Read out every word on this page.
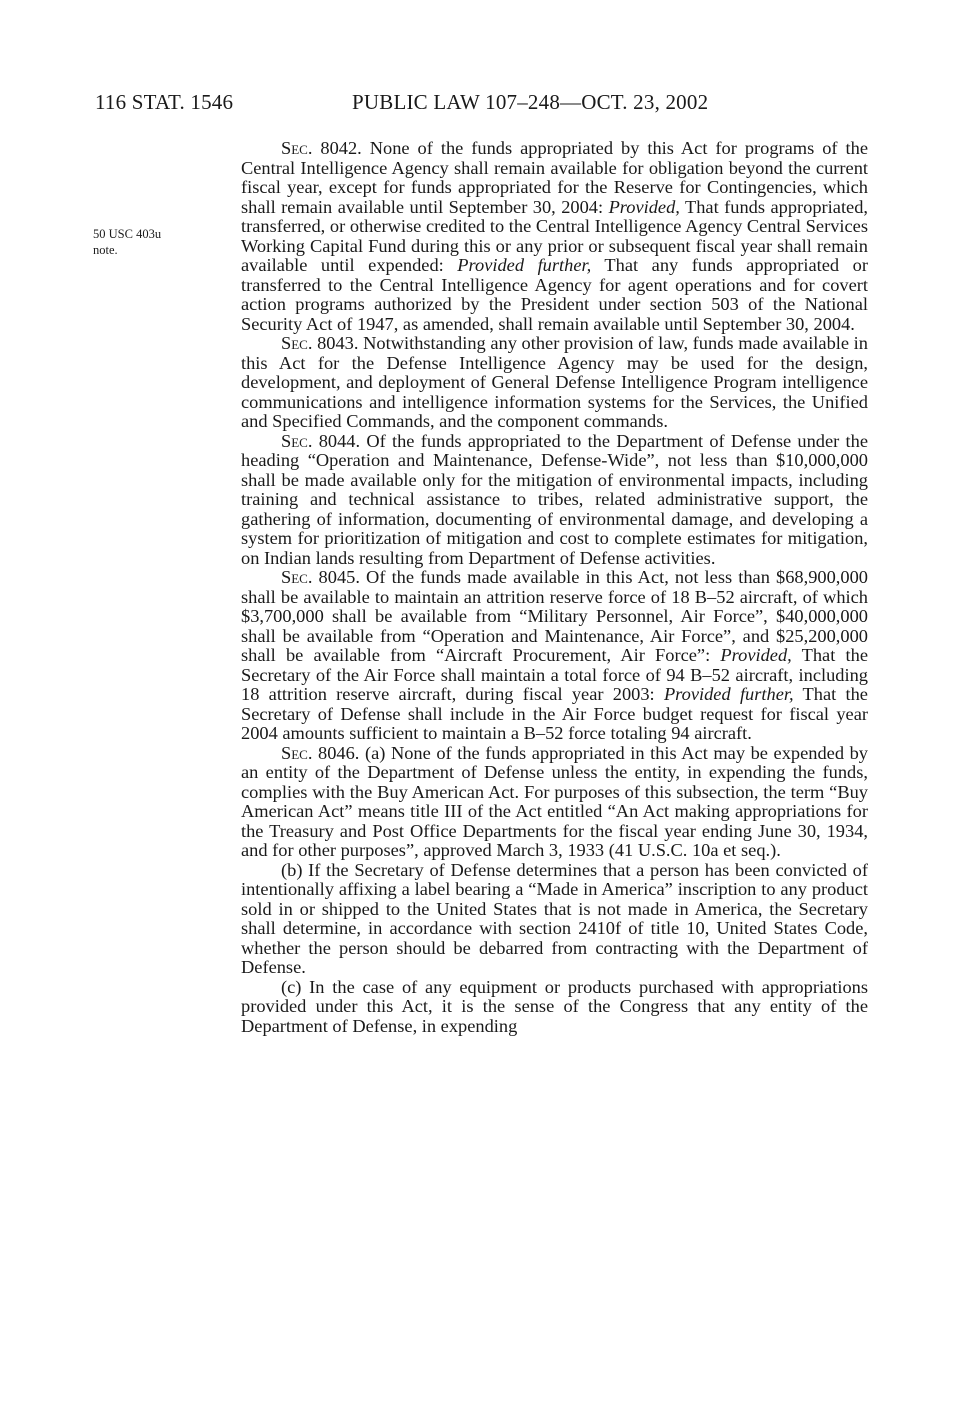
116 STAT. 1546	PUBLIC LAW 107–248—OCT. 23, 2002
50 USC 403u
note.

Sec. 8042. None of the funds appropriated by this Act for programs of the Central Intelligence Agency shall remain available for obligation beyond the current fiscal year, except for funds appropriated for the Reserve for Contingencies, which shall remain available until September 30, 2004: Provided, That funds appropriated, transferred, or otherwise credited to the Central Intelligence Agency Central Services Working Capital Fund during this or any prior or subsequent fiscal year shall remain available until expended: Provided further, That any funds appropriated or transferred to the Central Intelligence Agency for agent operations and for covert action programs authorized by the President under section 503 of the National Security Act of 1947, as amended, shall remain available until September 30, 2004.

Sec. 8043. Notwithstanding any other provision of law, funds made available in this Act for the Defense Intelligence Agency may be used for the design, development, and deployment of General Defense Intelligence Program intelligence communications and intelligence information systems for the Services, the Unified and Specified Commands, and the component commands.

Sec. 8044. Of the funds appropriated to the Department of Defense under the heading “Operation and Maintenance, Defense-Wide”, not less than $10,000,000 shall be made available only for the mitigation of environmental impacts, including training and technical assistance to tribes, related administrative support, the gathering of information, documenting of environmental damage, and developing a system for prioritization of mitigation and cost to complete estimates for mitigation, on Indian lands resulting from Department of Defense activities.

Sec. 8045. Of the funds made available in this Act, not less than $68,900,000 shall be available to maintain an attrition reserve force of 18 B–52 aircraft, of which $3,700,000 shall be available from “Military Personnel, Air Force”, $40,000,000 shall be available from “Operation and Maintenance, Air Force”, and $25,200,000 shall be available from “Aircraft Procurement, Air Force”: Provided, That the Secretary of the Air Force shall maintain a total force of 94 B–52 aircraft, including 18 attrition reserve aircraft, during fiscal year 2003: Provided further, That the Secretary of Defense shall include in the Air Force budget request for fiscal year 2004 amounts sufficient to maintain a B–52 force totaling 94 aircraft.

Sec. 8046. (a) None of the funds appropriated in this Act may be expended by an entity of the Department of Defense unless the entity, in expending the funds, complies with the Buy American Act. For purposes of this subsection, the term “Buy American Act” means title III of the Act entitled “An Act making appropriations for the Treasury and Post Office Departments for the fiscal year ending June 30, 1934, and for other purposes”, approved March 3, 1933 (41 U.S.C. 10a et seq.).

(b) If the Secretary of Defense determines that a person has been convicted of intentionally affixing a label bearing a “Made in America” inscription to any product sold in or shipped to the United States that is not made in America, the Secretary shall determine, in accordance with section 2410f of title 10, United States Code, whether the person should be debarred from contracting with the Department of Defense.

(c) In the case of any equipment or products purchased with appropriations provided under this Act, it is the sense of the Congress that any entity of the Department of Defense, in expending
